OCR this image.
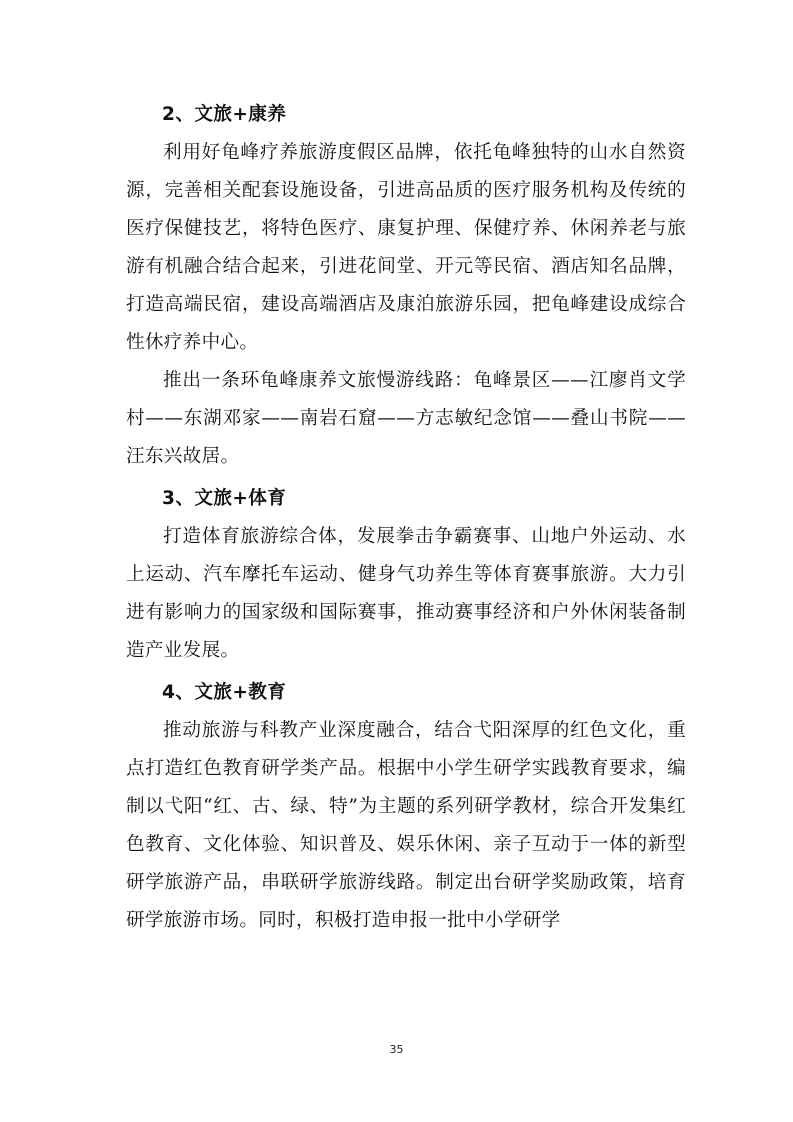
2、文旅+康养

利用好龟峰疗养旅游度假区品牌，依托龟峰独特的山水自然资源，完善相关配套设施设备，引进高品质的医疗服务机构及传统的医疗保健技艺，将特色医疗、康复护理、保健疗养、休闲养老与旅游有机融合结合起来，引进花间堂、开元等民宿、酒店知名品牌，打造高端民宿，建设高端酒店及康泊旅游乐园，把龟峰建设成综合性休疗养中心。

推出一条环龟峰康养文旅慢游线路：龟峰景区——江廖肖文学村——东湖邓家——南岩石窟——方志敏纪念馆——叠山书院——汪东兴故居。

3、文旅+体育

打造体育旅游综合体，发展拳击争霸赛事、山地户外运动、水上运动、汽车摩托车运动、健身气功养生等体育赛事旅游。大力引进有影响力的国家级和国际赛事，推动赛事经济和户外休闲装备制造产业发展。

4、文旅+教育

推动旅游与科教产业深度融合，结合弋阳深厚的红色文化，重点打造红色教育研学类产品。根据中小学生研学实践教育要求，编制以弋阳“红、古、绿、特”为主题的系列研学教材，综合开发集红色教育、文化体验、知识普及、娱乐休闲、亲子互动于一体的新型研学旅游产品，串联研学旅游线路。制定出台研学奖励政策，培育研学旅游市场。同时，积极打造申报一批中小学研学

35
